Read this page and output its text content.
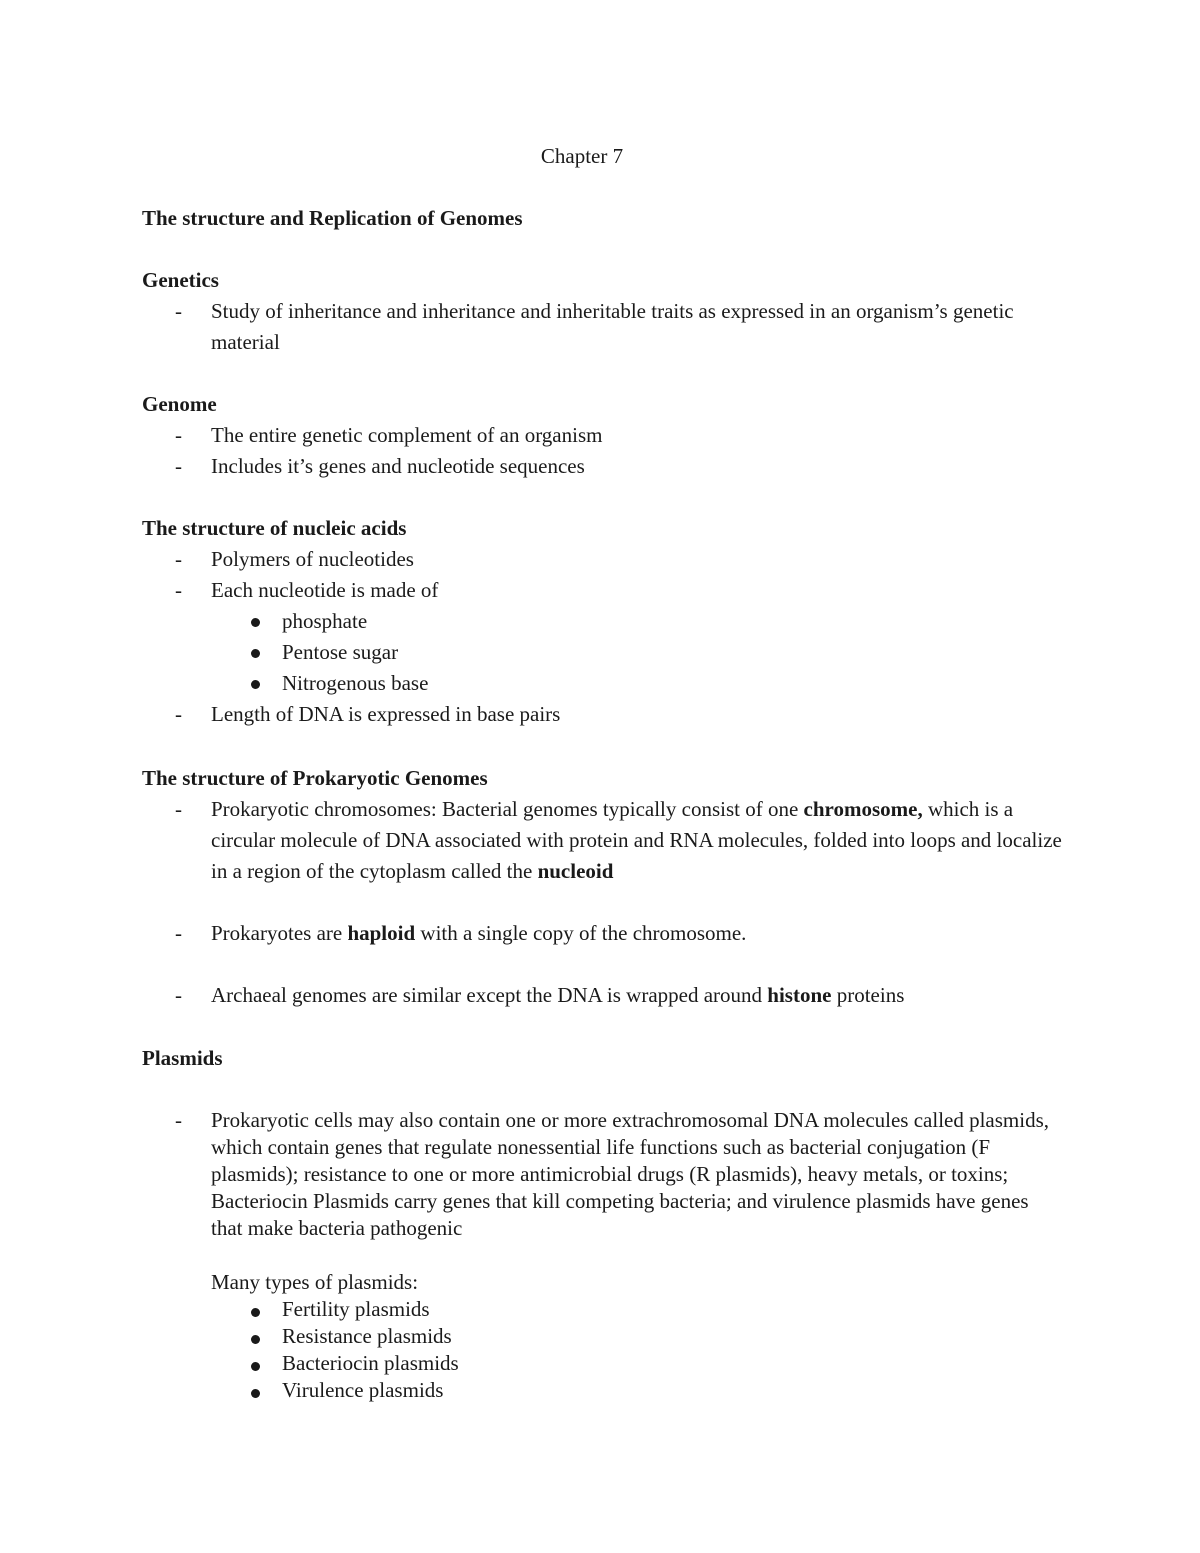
Chapter 7

The structure and Replication of Genomes

Genetics

- Study of inheritance and inheritance and inheritable traits as expressed in an organism’s genetic material

Genome

- The entire genetic complement of an organism
- Includes it’s genes and nucleotide sequences

The structure of nucleic acids

- Polymers of nucleotides
- Each nucleotide is made of
phosphate
Pentose sugar
Nitrogenous base
- Length of DNA is expressed in base pairs

The structure of Prokaryotic Genomes

- Prokaryotic chromosomes: Bacterial genomes typically consist of one chromosome, which is a circular molecule of DNA associated with protein and RNA molecules, folded into loops and localize in a region of the cytoplasm called the nucleoid
- Prokaryotes are haploid with a single copy of the chromosome.
- Archaeal genomes are similar except the DNA is wrapped around histone proteins

Plasmids

- Prokaryotic cells may also contain one or more extrachromosomal DNA molecules called plasmids, which contain genes that regulate nonessential life functions such as bacterial conjugation (F plasmids); resistance to one or more antimicrobial drugs (R plasmids), heavy metals, or toxins; Bacteriocin Plasmids carry genes that kill competing bacteria; and virulence plasmids have genes that make bacteria pathogenic
Many types of plasmids:
Fertility plasmids
Resistance plasmids
Bacteriocin plasmids
Virulence plasmids
